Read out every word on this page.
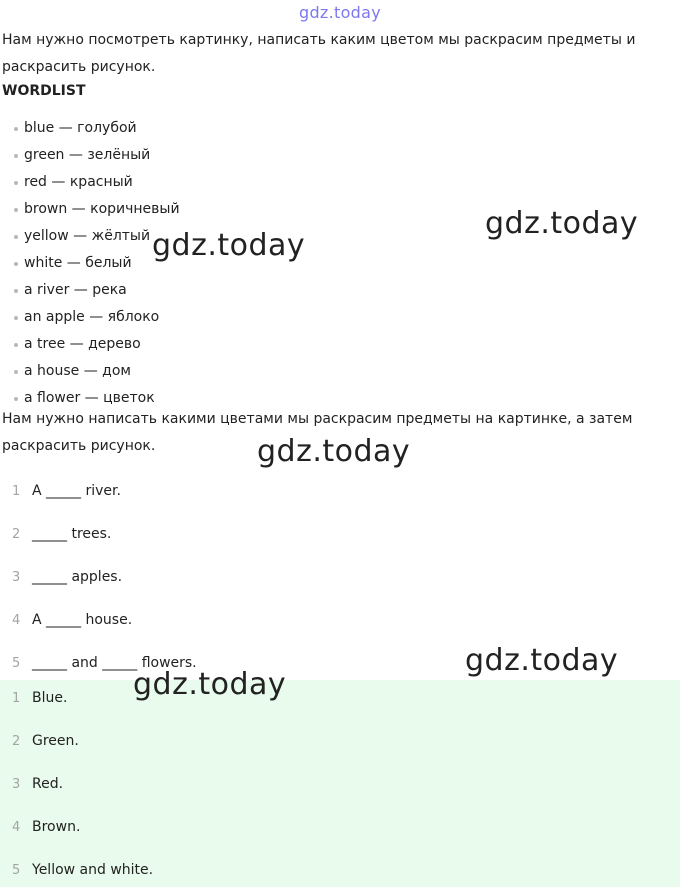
gdz.today
Нам нужно посмотреть картинку, написать каким цветом мы раскрасим предметы и раскрасить рисунок.
WORDLIST
blue — голубой
green — зелёный
red — красный
brown — коричневый
yellow — жёлтый
white — белый
a river — река
an apple — яблоко
a tree — дерево
a house — дом
a flower — цветок
Нам нужно написать какими цветами мы раскрасим предметы на картинке, а затем раскрасить рисунок.
1 A _____ river.
2 _____ trees.
3 _____ apples.
4 A _____ house.
5 _____ and _____ flowers.
1 Blue.
2 Green.
3 Red.
4 Brown.
5 Yellow and white.
gdz.today
gdz.today
gdz.today
gdz.today
gdz.today
